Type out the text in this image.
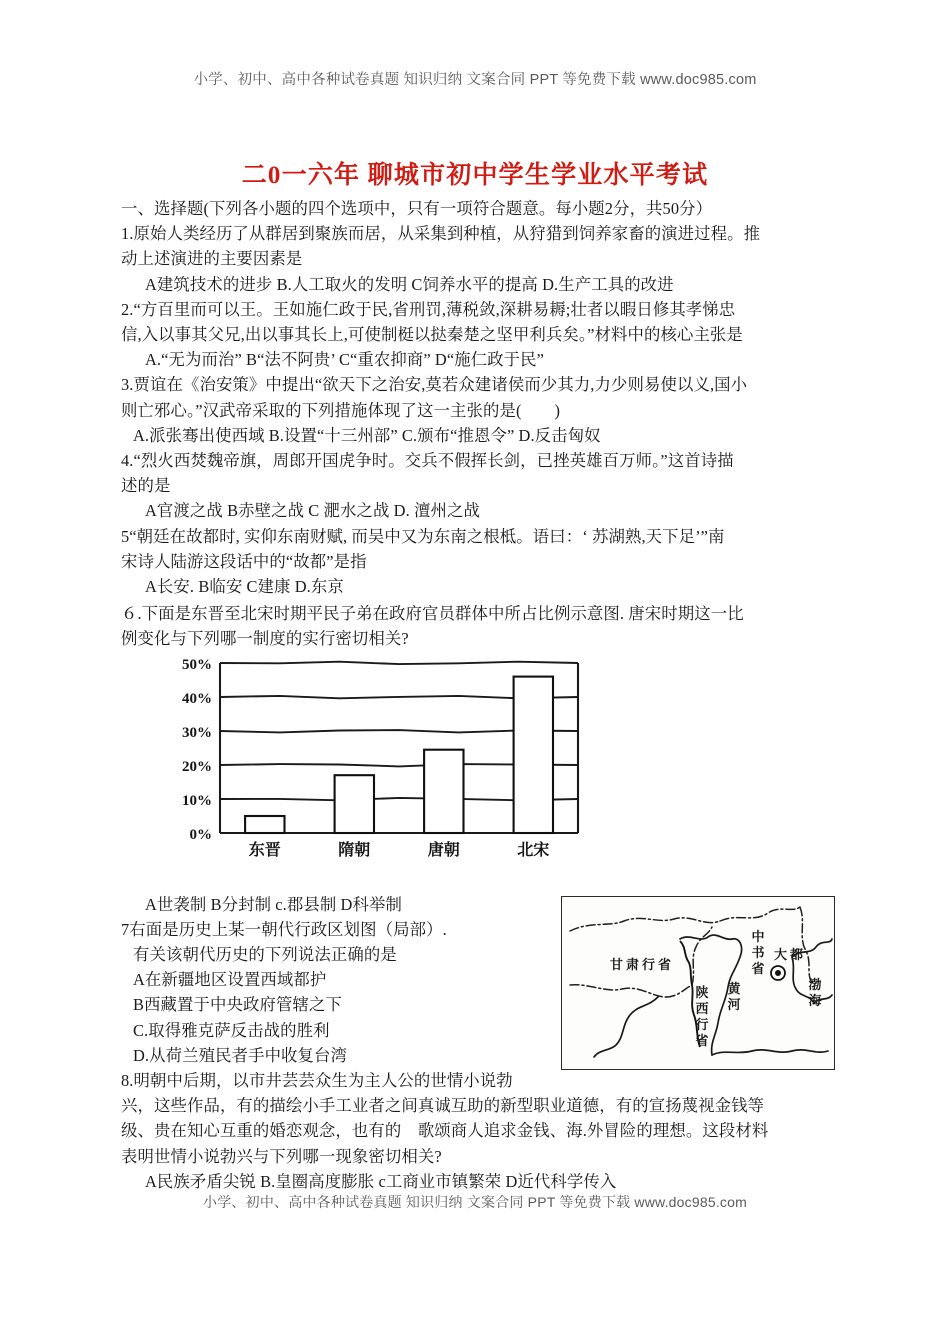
小学、初中、高中各种试卷真题 知识归纳 文案合同 PPT 等免费下载 www.doc985.com
二0一六年 聊城市初中学生学业水平考试
一、选择题(下列各小题的四个选项中，只有一项符合题意。每小题2分，共50分）
1.原始人类经历了从群居到聚族而居，从采集到种植，从狩猎到饲养家畜的演进过程。推
动上述演进的主要因素是
A建筑技术的进步 B.人工取火的发明 C饲养水平的提高 D.生产工具的改进
2.“方百里而可以王。王如施仁政于民,省刑罚,薄税敛,深耕易耨;壮者以暇日修其孝悌忠
信,入以事其父兄,出以事其长上,可使制梃以挞秦楚之坚甲利兵矣。”材料中的核心主张是
A.“无为而治” B“法不阿贵’ C“重农抑商” D“施仁政于民”
3.贾谊在《治安策》中提出“欲天下之治安,莫若众建诸侯而少其力,力少则易使以义,国小
则亡邪心。”汉武帝采取的下列措施体现了这一主张的是(　　)
A.派张骞出使西域 B.设置“十三州部” C.颁布“推恩令” D.反击匈奴
4.“烈火西焚魏帝旗，周郎开国虎争时。交兵不假挥长剑，已挫英雄百万师。”这首诗描
述的是
A官渡之战 B赤壁之战 C 淝水之战 D. 澶州之战
5“朝廷在故都时, 实仰东南财赋, 而吴中又为东南之根柢。语曰：‘ 苏湖熟,天下足’”南
宋诗人陆游这段话中的“故都”是指
A长安. B临安 C建康 D.东京
６.下面是东晋至北宋时期平民子弟在政府官员群体中所占比例示意图. 唐宋时期这一比
例变化与下列哪一制度的实行密切相关?
A世袭制 B分封制 c.郡县制 D科举制
7右面是历史上某一朝代行政区划图（局部）.
有关该朝代历史的下列说法正确的是
A在新疆地区设置西域都护
B西藏置于中央政府管辖之下
C.取得雅克萨反击战的胜利
D.从荷兰殖民者手中收复台湾
8.明朝中后期，以市井芸芸众生为主人公的世情小说勃
兴，这些作品，有的描绘小手工业者之间真诚互助的新型职业道德，有的宣扬蔑视金钱等
级、贵在知心互重的婚恋观念，也有的　歌颂商人追求金钱、海.外冒险的理想。这段材料
表明世情小说勃兴与下列哪一现象密切相关?
A民族矛盾尖锐 B.皇圈高度膨胀 c工商业市镇繁荣 D近代科学传入
0%
10%
20%
30%
40%
50%
东晋	隋朝	唐朝	北宋
甘肃行省
陕
西
行
省
中
书
省
大都
黄
河
渤
海
小学、初中、高中各种试卷真题 知识归纳 文案合同 PPT 等免费下载 www.doc985.com
